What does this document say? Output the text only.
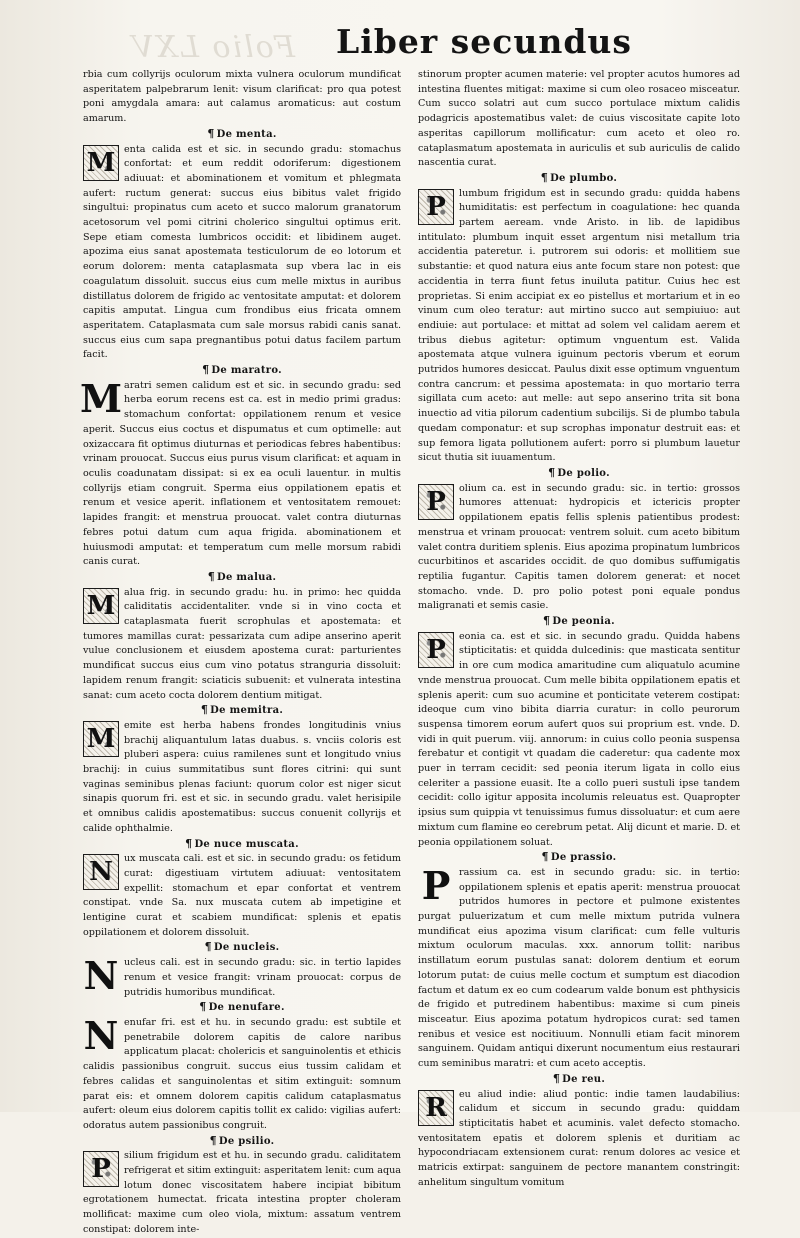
Folio LXV Liber secundus

rbia cum collyrijs oculorum mixta vulnera oculorum mundificat asperitatem palpebrarum lenit: visum clarificat: pro qua potest poni amygdala amara: aut calamus aromaticus: aut costum amarum.

¶ De menta.

M enta calida est et sic. in secundo gradu: stomachus confortat: et eum reddit odoriferum: digestionem adiuuat: et abominationem et vomitum et phlegmata aufert: ructum generat: succus eius bibitus valet frigido singultui: propinatus cum aceto et succo malorum granatorum acetosorum vel pomi citrini cholerico singultui optimus erit. Sepe etiam comesta lumbricos occidit: et libidinem auget. apozima eius sanat apostemata testiculorum de eo lotorum et eorum dolorem: menta cataplasmata sup vbera lac in eis coagulatum dissoluit. succus eius cum melle mixtus in auribus distillatus dolorem de frigido ac ventositate amputat: et dolorem capitis amputat. Lingua cum frondibus eius fricata omnem asperitatem. Cataplasmata cum sale morsus rabidi canis sanat. succus eius cum sapa pregnantibus potui datus facilem partum facit.

¶ De maratro.

Maratri semen calidum est et sic. in secundo gradu: sed herba eorum recens est ca. est in medio primi gradus: stomachum confortat: oppilationem renum et vesice aperit. Succus eius coctus et dispumatus et cum optimelle: aut oxizaccara fit optimus diuturnas et periodicas febres habentibus: vrinam prouocat. Succus eius purus visum clarificat: et aquam in oculis coadunatam dissipat: si ex ea oculi lauentur. in multis collyrijs etiam congruit. Sperma eius oppilationem epatis et renum et vesice aperit. inflationem et ventositatem remouet: lapides frangit: et menstrua prouocat. valet contra diuturnas febres potui datum cum aqua frigida. abominationem et huiusmodi amputat: et temperatum cum melle morsum rabidi canis curat.

¶ De malua.

M alua frig. in secundo gradu: hu. in primo: hec quidda caliditatis accidentaliter. vnde si in vino cocta et cataplasmata fuerit scrophulas et apostemata: et tumores mamillas curat: pessarizata cum adipe anserino aperit vulue conclusionem et eiusdem apostema curat: parturientes mundificat succus eius cum vino potatus stranguria dissoluit: lapidem renum frangit: sciaticis subuenit: et vulnerata intestina sanat: cum aceto cocta dolorem dentium mitigat.

¶ De memitra.

M emite est herba habens frondes longitudinis vnius brachij aliquantulum latas duabus. s. vnciis coloris est pluberi aspera: cuius ramilenes sunt et longitudo vnius brachij: in cuius summitatibus sunt flores citrini: qui sunt vaginas seminibus plenas faciunt: quorum color est niger sicut sinapis quorum fri. est et sic. in secundo gradu. valet herisipile et omnibus calidis apostematibus: succus conuenit collyrijs et calide ophthalmie.

¶ De nuce muscata.

N	ux muscata cali. est et sic. in secundo gradu: os fetidum curat: digestiuam virtutem adiuuat: ventositatem expellit: stomachum et epar confortat et ventrem constipat. vnde Sa. nux muscata cutem ab impetigine et lentigine curat et scabiem mundificat: splenis et epatis oppilationem et dolorem dissoluit.

¶ De nucleis.

Nucleus cali. est in secundo gradu: sic. in tertio lapides renum et vesice frangit: vrinam prouocat: corpus de putridis humoribus mundificat.

¶ De nenufare.

Nenufar fri. est et hu. in secundo gradu: est subtile et penetrabile dolorem capitis de calore naribus applicatum placat: cholericis et sanguinolentis et ethicis calidis passionibus congruit. succus eius tussim calidam et febres calidas et sanguinolentas et sitim extinguit: somnum parat eis: et omnem dolorem capitis calidum cataplasmatus aufert: oleum eius dolorem capitis tollit ex calido: vigilias aufert: odoratus autem passionibus congruit.

¶ De psilio.

P	silium frigidum est et hu. in secundo gradu. caliditatem refrigerat et sitim extinguit: asperitatem lenit: cum aqua lotum donec viscositatem habere incipiat bibitum egrotationem humectat. fricata intestina propter choleram mollificat: maxime cum oleo viola, mixtum: assatum ventrem constipat: dolorem inte-

stinorum propter acumen materie: vel propter acutos humores ad intestina fluentes mitigat: maxime si cum oleo rosaceo misceatur. Cum succo solatri aut cum succo portulace mixtum calidis podagricis apostematibus valet: de cuius viscositate capite loto asperitas capillorum mollificatur: cum aceto et oleo ro. cataplasmatum apostemata in auriculis et sub auriculis de calido nascentia curat.

¶ De plumbo.

P	lumbum frigidum est in secundo gradu: quidda habens humiditatis: est perfectum in coagulatione: hec quanda partem aeream. vnde Aristo. in lib. de lapidibus intitulato: plumbum inquit esset argentum nisi metallum tria accidentia pateretur. i. putrorem sui odoris: et mollitiem sue substantie: et quod natura eius ante focum stare non potest: que accidentia in terra fiunt fetus inuiluta patitur. Cuius hec est proprietas. Si enim accipiat ex eo pistellus et mortarium et in eo vinum cum oleo teratur: aut mirtino succo aut sempiuiuo: aut endiuie: aut portulace: et mittat ad solem vel calidam aerem et tribus diebus agitetur: optimum vnguentum est. Valida apostemata atque vulnera iguinum pectoris vberum et eorum putridos humores desiccat. Paulus dixit esse optimum vnguentum contra cancrum: et pessima apostemata: in quo mortario terra sigillata cum aceto: aut melle: aut sepo anserino trita sit bona inuectio ad vitia pilorum cadentium subcilijs. Si de plumbo tabula quedam componatur: et sup scrophas imponatur destruit eas: et sup femora ligata pollutionem aufert: porro si plumbum lauetur sicut thutia sit iuuamentum.

¶ De polio.

P	olium ca. est in secundo gradu: sic. in tertio: grossos humores attenuat: hydropicis et ictericis propter oppilationem epatis fellis splenis patientibus prodest: menstrua et vrinam prouocat: ventrem soluit. cum aceto bibitum valet contra duritiem splenis. Eius apozima propinatum lumbricos cucurbitinos et ascarides occidit. de quo domibus suffumigatis reptilia fugantur. Capitis tamen dolorem generat: et nocet stomacho. vnde. D. pro polio potest poni equale pondus maligranati et semis casie.

¶ De peonia.

P	eonia ca. est et sic. in secundo gradu. Quidda habens stipticitatis: et quidda dulcedinis: que masticata sentitur in ore cum modica amaritudine cum aliquatulo acumine vnde menstrua prouocat. Cum melle bibita oppilationem epatis et splenis aperit: cum suo acumine et ponticitate veterem costipat: ideoque cum vino bibita diarria curatur: in collo peurorum suspensa timorem eorum aufert quos sui proprium est. vnde. D. vidi in quit puerum. viij. annorum: in cuius collo peonia suspensa ferebatur et contigit vt quadam die caderetur: qua cadente mox puer in terram cecidit: sed peonia iterum ligata in collo eius celeriter a passione euasit. Ite a collo pueri sustuli ipse tandem cecidit: collo igitur apposita incolumis releuatus est. Quapropter ipsius sum quippia vt tenuissimus fumus dissoluatur: et cum aere mixtum cum flamine eo cerebrum petat. Alij dicunt et marie. D. et peonia oppilationem soluat.

¶ De prassio.

Prassium ca. est in secundo gradu: sic. in tertio: oppilationem splenis et epatis aperit: menstrua prouocat putridos humores in pectore et pulmone existentes purgat puluerizatum et cum melle mixtum putrida vulnera mundificat eius apozima visum clarificat: cum felle vulturis mixtum oculorum maculas. xxx. annorum tollit: naribus instillatum eorum pustulas sanat: dolorem dentium et eorum lotorum putat: de cuius melle coctum et sumptum est diacodion factum et datum ex eo cum codearum valde bonum est phthysicis de frigido et putredinem habentibus: maxime si cum pineis misceatur. Eius apozima potatum hydropicos curat: sed tamen renibus et vesice est nocitiuum. Nonnulli etiam facit minorem sanguinem. Quidam antiqui dixerunt nocumentum eius restaurari cum seminibus maratri: et cum aceto acceptis.

¶ De reu.

R	eu aliud indie: aliud pontic: indie tamen laudabilius: calidum et siccum in secundo gradu: quiddam stipticitatis habet et acuminis. valet defecto stomacho. ventositatem epatis et dolorem splenis et duritiam ac hypocondriacam extensionem curat: renum dolores ac vesice et matricis extirpat: sanguinem de pectore manantem constringit: anhelitum singultum vomitum
